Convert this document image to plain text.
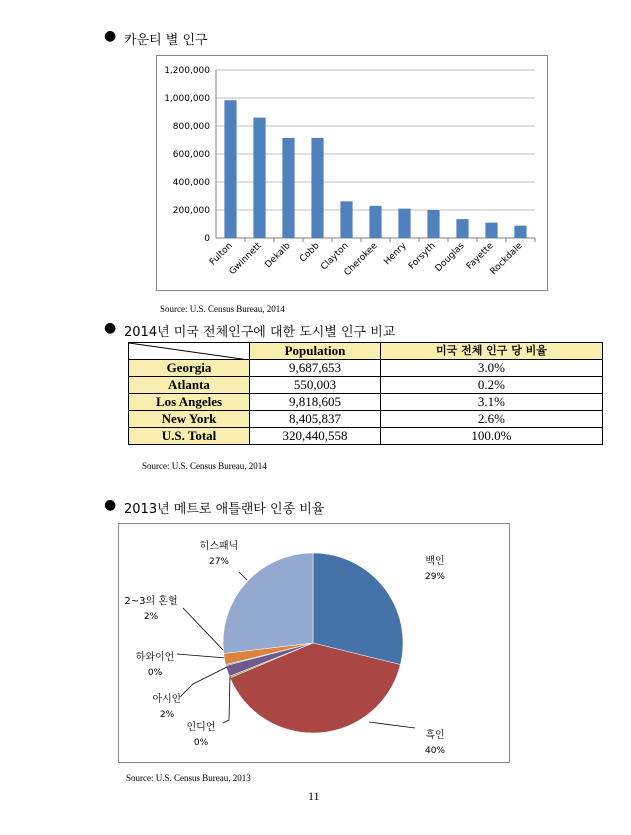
● 카운티 별 인구
0
200,000
400,000
600,000
800,000
1,000,000
1,200,000
Fulton
Gwinnett Dekalb Cobb
Clayton
Cherokee Henry
Forsyth
Douglas
Fayette
Rockdale
Source: U.S. Census Bureau, 2014
● 2014년 미국 전체인구에 대한 도시별 인구 비교
	Population	미국 전체 인구 당 비율
Georgia	9,687,653	3.0%
Atlanta	550,003	0.2%
Los Angeles	9,818,605	3.1%
New York	8,405,837	2.6%
U.S. Total	320,440,558	100.0%
Source: U.S. Census Bureau, 2014
● 2013년 메트로 애틀랜타 인종 비율
백인
29%
흑인
40%
인디언
0%
아시안
2%
하와이언
0%
2~3의 혼혈
2%
히스패닉
27%
Source: U.S. Census Bureau, 2013
11
